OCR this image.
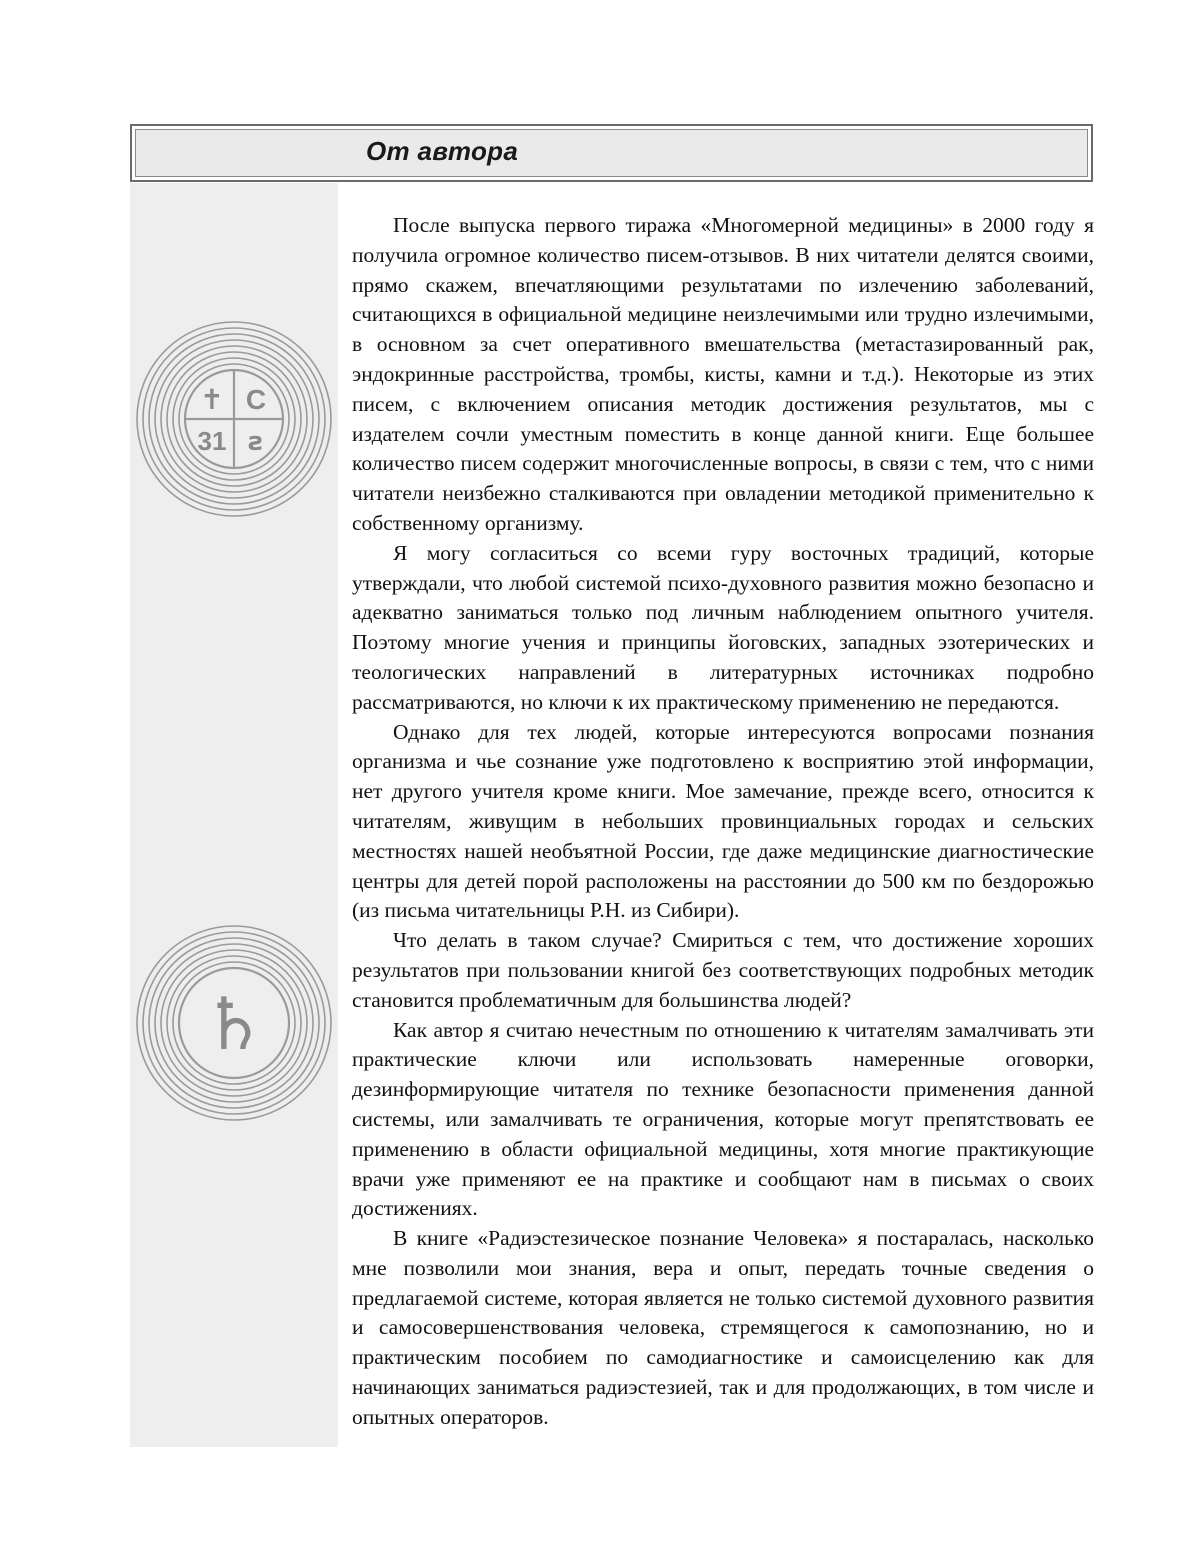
От автора
✝ C
31 ꙅ
♄

После выпуска первого тиража «Многомерной медицины» в 2000 году я получила огромное количество писем-отзывов. В них читатели делятся своими, прямо скажем, впечатляющими результатами по излечению заболеваний, считающихся в официальной медицине неизлечимыми или трудно излечимыми, в основном за счет оперативного вмешательства (метастазированный рак, эндокринные расстройства, тромбы, кисты, камни и т.д.). Некоторые из этих писем, с включением описания методик достижения результатов, мы с издателем сочли уместным поместить в конце данной книги. Еще большее количество писем содержит многочисленные вопросы, в связи с тем, что с ними читатели неизбежно сталкиваются при овладении методикой применительно к собственному организму.

Я могу согласиться со всеми гуру восточных традиций, которые утверждали, что любой системой психо-духовного развития можно безопасно и адекватно заниматься только под личным наблюдением опытного учителя. Поэтому многие учения и принципы йоговских, западных эзотерических и теологических направлений в литературных источниках подробно рассматриваются, но ключи к их практическому применению не передаются.

Однако для тех людей, которые интересуются вопросами познания организма и чье сознание уже подготовлено к восприятию этой информации, нет другого учителя кроме книги. Мое замечание, прежде всего, относится к читателям, живущим в небольших провинциальных городах и сельских местностях нашей необъятной России, где даже медицинские диагностические центры для детей порой расположены на расстоянии до 500 км по бездорожью (из письма читательницы Р.Н. из Сибири).

Что делать в таком случае? Смириться с тем, что достижение хороших результатов при пользовании книгой без соответствующих подробных методик становится проблематичным для большинства людей?

Как автор я считаю нечестным по отношению к читателям замалчивать эти практические ключи или использовать намеренные оговорки, дезинформирующие читателя по технике безопасности применения данной системы, или замалчивать те ограничения, которые могут препятствовать ее применению в области официальной медицины, хотя многие практикующие врачи уже применяют ее на практике и сообщают нам в письмах о своих достижениях.

В книге «Радиэстезическое познание Человека» я постаралась, насколько мне позволили мои знания, вера и опыт, передать точные сведения о предлагаемой системе, которая является не только системой духовного развития и самосовершенствования человека, стремящегося к самопознанию, но и практическим пособием по самодиагностике и самоисцелению как для начинающих заниматься радиэстезией, так и для продолжающих, в том числе и опытных операторов.
